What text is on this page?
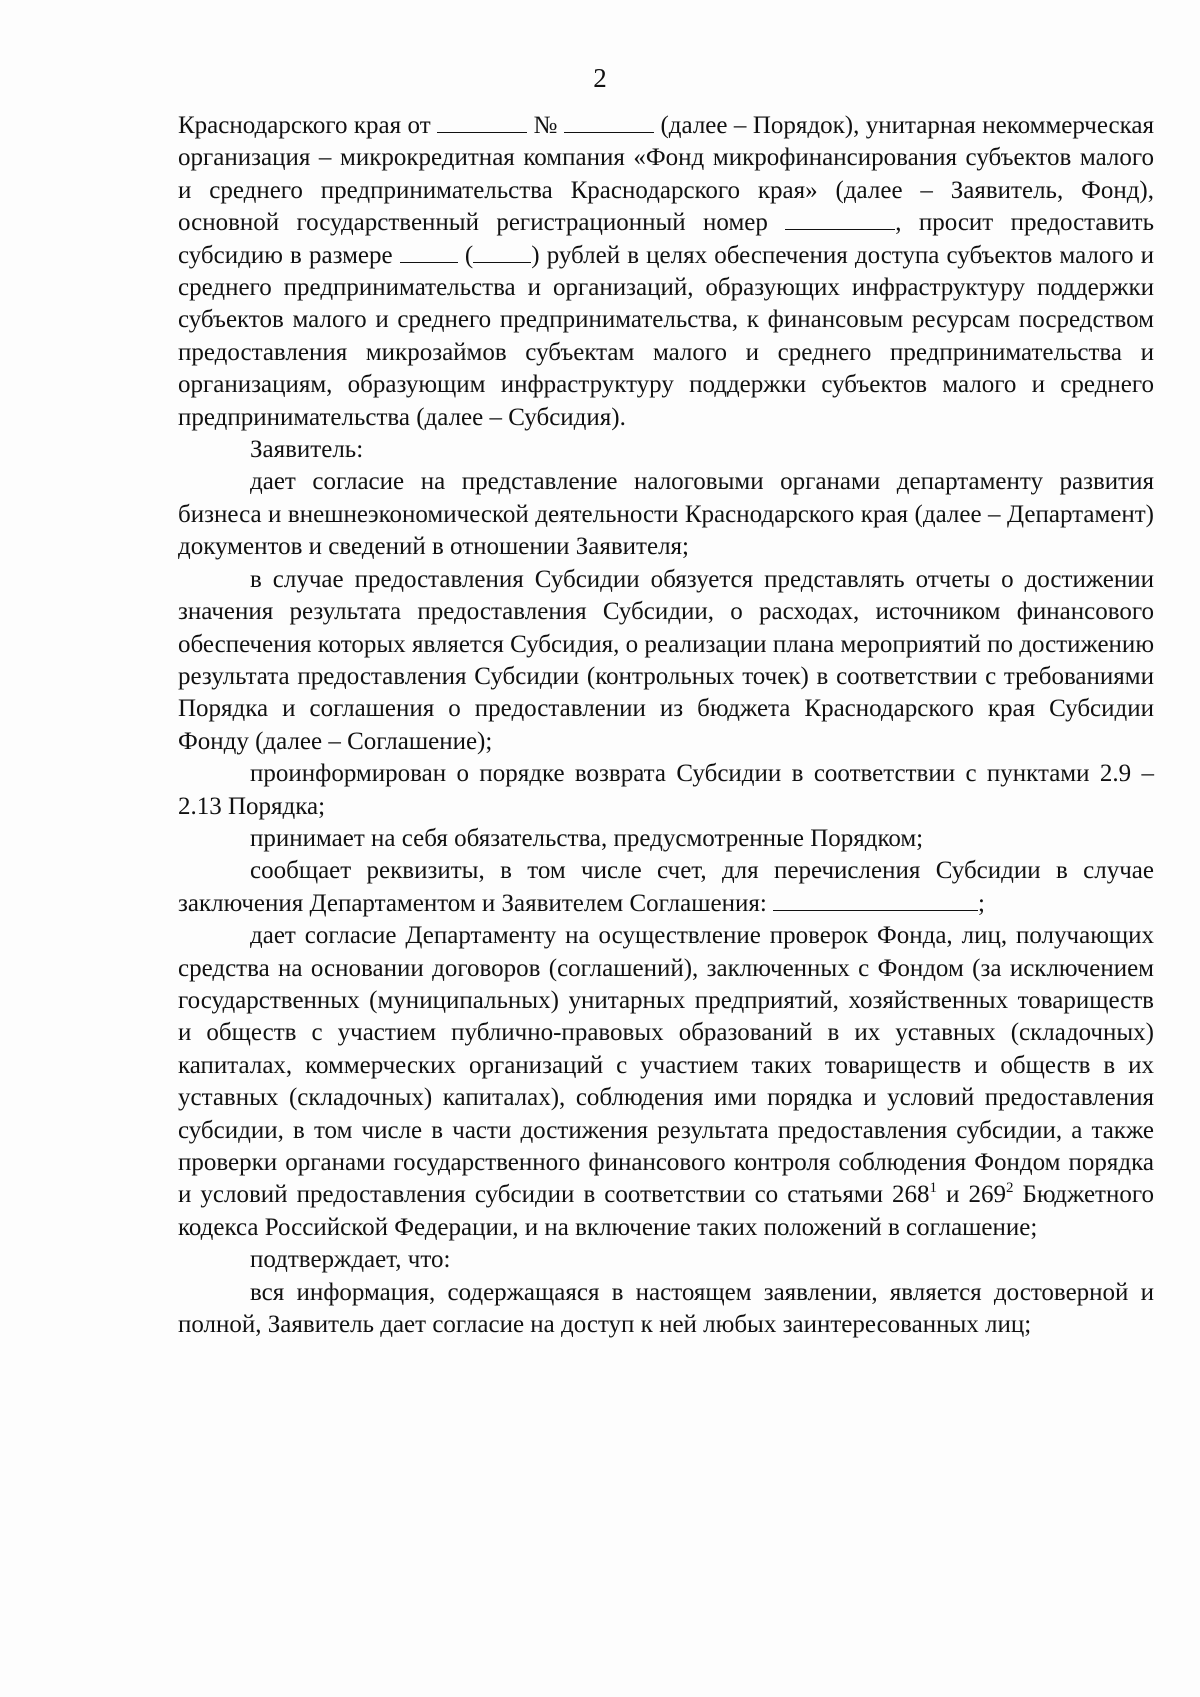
2

Краснодарского края от	№	(далее – Порядок), унитарная некоммерческая организация – микрокредитная компания «Фонд микрофинансирования субъектов малого и среднего предпринимательства Краснодарского края» (далее – Заявитель, Фонд), основной государственный регистрационный номер	, просит предоставить субсидию в размере	( ) рублей в целях обеспечения доступа субъектов малого и среднего предпринимательства и организаций, образующих инфраструктуру поддержки субъектов малого и среднего предпринимательства, к финансовым ресурсам посредством предоставления микрозаймов субъектам малого и среднего предпринимательства и организациям, образующим инфраструктуру поддержки субъектов малого и среднего предпринимательства (далее – Субсидия).

Заявитель:

дает согласие на представление налоговыми органами департаменту развития бизнеса и внешнеэкономической деятельности Краснодарского края (далее – Департамент) документов и сведений в отношении Заявителя;

в случае предоставления Субсидии обязуется представлять отчеты о достижении значения результата предоставления Субсидии, о расходах, источником финансового обеспечения которых является Субсидия, о реализации плана мероприятий по достижению результата предоставления Субсидии (контрольных точек) в соответствии с требованиями Порядка и соглашения о предоставлении из бюджета Краснодарского края Субсидии Фонду (далее – Соглашение);

проинформирован о порядке возврата Субсидии в соответствии с пунктами 2.9 – 2.13 Порядка;

принимает на себя обязательства, предусмотренные Порядком;

сообщает реквизиты, в том числе счет, для перечисления Субсидии в случае заключения Департаментом и Заявителем Соглашения:	;

дает согласие Департаменту на осуществление проверок Фонда, лиц, получающих средства на основании договоров (соглашений), заключенных с Фондом (за исключением государственных (муниципальных) унитарных предприятий, хозяйственных товариществ и обществ с участием публично-правовых образований в их уставных (складочных) капиталах, коммерческих организаций с участием таких товариществ и обществ в их уставных (складочных) капиталах), соблюдения ими порядка и условий предоставления субсидии, в том числе в части достижения результата предоставления субсидии, а также проверки органами государственного финансового контроля соблюдения Фондом порядка и условий предоставления субсидии в соответствии со статьями $268^1$ и $269^2$ Бюджетного кодекса Российской Федерации, и на включение таких положений в соглашение;

подтверждает, что:

вся информация, содержащаяся в настоящем заявлении, является достоверной и полной, Заявитель дает согласие на доступ к ней любых заинтересованных лиц;
